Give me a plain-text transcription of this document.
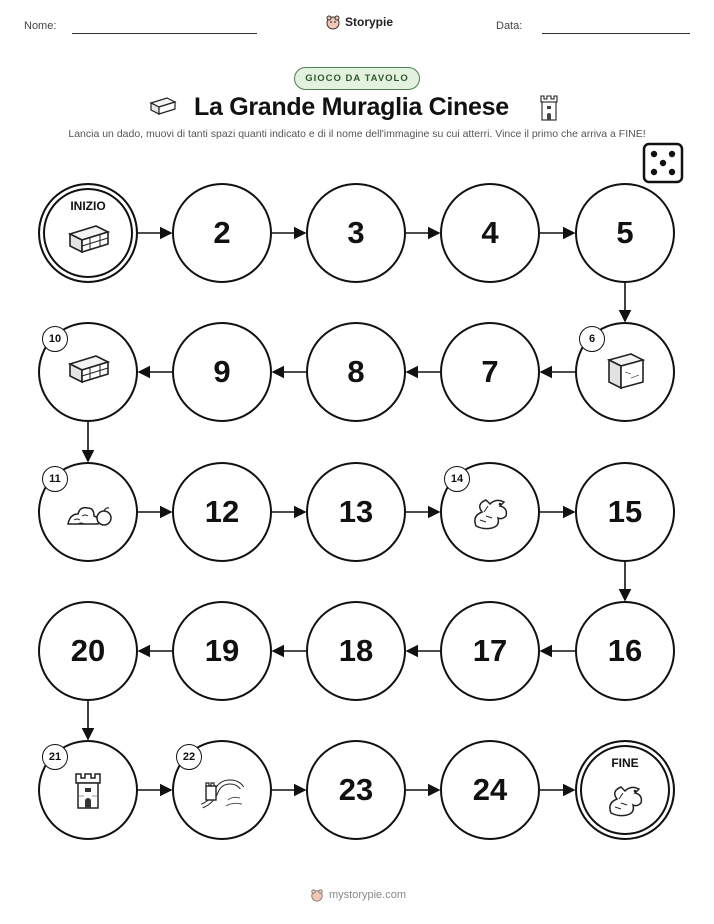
Nome:	Storypie	Data:
GIOCO DA TAVOLO
La Grande Muraglia Cinese
Lancia un dado, muovi di tanti spazi quanti indicato e di il nome dell'immagine su cui atterri. Vince il primo che arriva a FINE!
INIZIO
2	3	4	5
6
7
8
9
10
11
12	13
14
15
16
17
18
19
20
21	22
23	24
FINE
mystorypie.com
